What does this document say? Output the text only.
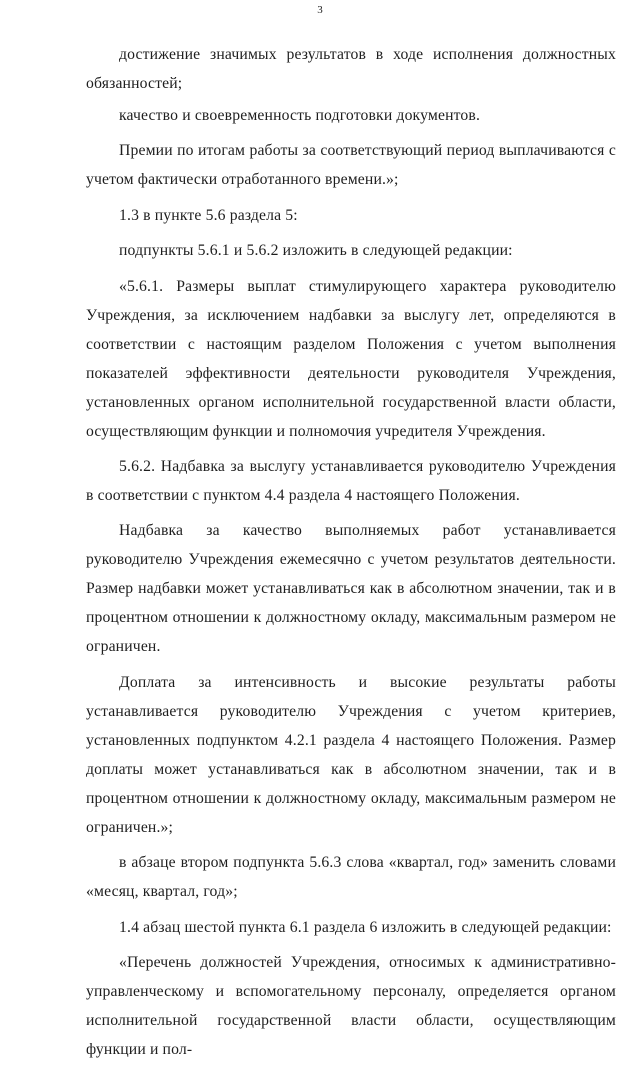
3

достижение значимых результатов в ходе исполнения должностных обязанностей;

качество и своевременность подготовки документов.

Премии по итогам работы за соответствующий период выплачиваются с учетом фактически отработанного времени.»;

1.3 в пункте 5.6 раздела 5:

подпункты 5.6.1 и 5.6.2 изложить в следующей редакции:

«5.6.1. Размеры выплат стимулирующего характера руководителю Учреждения, за исключением надбавки за выслугу лет, определяются в соответствии с настоящим разделом Положения с учетом выполнения показателей эффективности деятельности руководителя Учреждения, установленных органом исполнительной государственной власти области, осуществляющим функции и полномочия учредителя Учреждения.

5.6.2. Надбавка за выслугу устанавливается руководителю Учреждения в соответствии с пунктом 4.4 раздела 4 настоящего Положения.

Надбавка за качество выполняемых работ устанавливается руководителю Учреждения ежемесячно с учетом результатов деятельности. Размер надбавки может устанавливаться как в абсолютном значении, так и в процентном отношении к должностному окладу, максимальным размером не ограничен.

Доплата за интенсивность и высокие результаты работы устанавливается руководителю Учреждения с учетом критериев, установленных подпунктом 4.2.1 раздела 4 настоящего Положения. Размер доплаты может устанавливаться как в абсолютном значении, так и в процентном отношении к должностному окладу, максимальным размером не ограничен.»;

в абзаце втором подпункта 5.6.3 слова «квартал, год» заменить словами «месяц, квартал, год»;

1.4 абзац шестой пункта 6.1 раздела 6 изложить в следующей редакции:

«Перечень должностей Учреждения, относимых к административно-управленческому и вспомогательному персоналу, определяется органом исполнительной государственной власти области, осуществляющим функции и пол-
